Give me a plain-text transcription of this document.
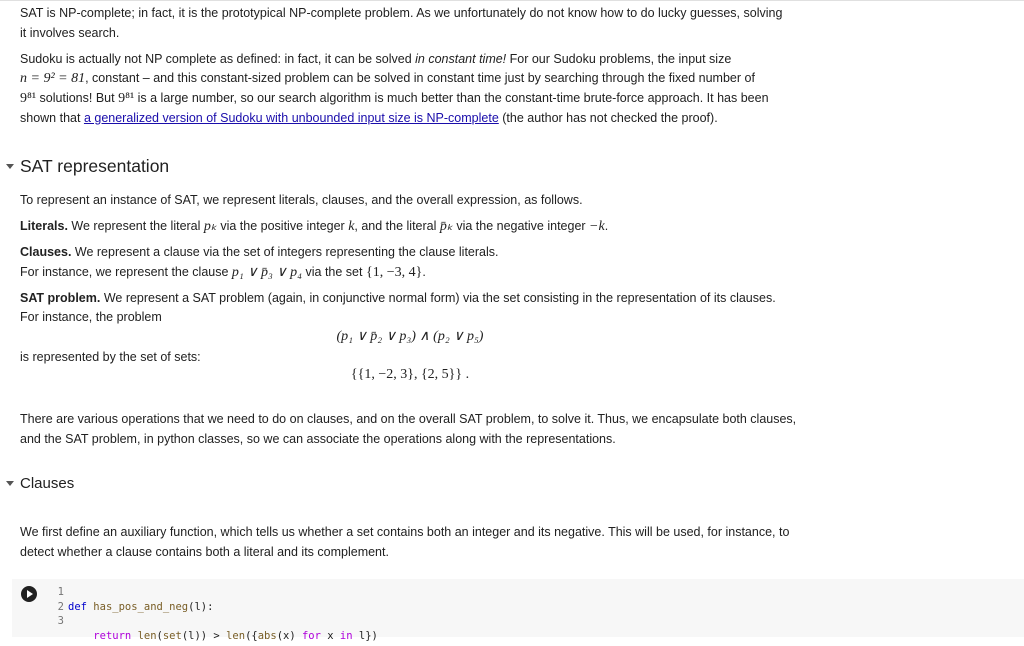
SAT is NP-complete; in fact, it is the prototypical NP-complete problem. As we unfortunately do not know how to do lucky guesses, solving
it involves search.
Sudoku is actually not NP complete as defined: in fact, it can be solved in constant time! For our Sudoku problems, the input size
n = 9² = 81, constant – and this constant-sized problem can be solved in constant time just by searching through the fixed number of
9⁸¹ solutions! But 9⁸¹ is a large number, so our search algorithm is much better than the constant-time brute-force approach. It has been
shown that a generalized version of Sudoku with unbounded input size is NP-complete (the author has not checked the proof).
SAT representation
To represent an instance of SAT, we represent literals, clauses, and the overall expression, as follows.
Literals. We represent the literal pₖ via the positive integer k, and the literal p̄ₖ via the negative integer −k.
Clauses. We represent a clause via the set of integers representing the clause literals.
For instance, we represent the clause p₁ ∨ p̄₃ ∨ p₄ via the set {1, −3, 4}.
SAT problem. We represent a SAT problem (again, in conjunctive normal form) via the set consisting in the representation of its clauses.
For instance, the problem
(p₁ ∨ p̄₂ ∨ p₃) ∧ (p₂ ∨ p₅)
is represented by the set of sets:
{{1, −2, 3}, {2, 5}} .
There are various operations that we need to do on clauses, and on the overall SAT problem, to solve it. Thus, we encapsulate both clauses,
and the SAT problem, in python classes, so we can associate the operations along with the representations.
Clauses
We first define an auxiliary function, which tells us whether a set contains both an integer and its negative. This will be used, for instance, to
detect whether a clause contains both a literal and its complement.
1
2
3

def has_pos_and_neg(l):

return len(set(l)) > len({abs(x) for x in l})
